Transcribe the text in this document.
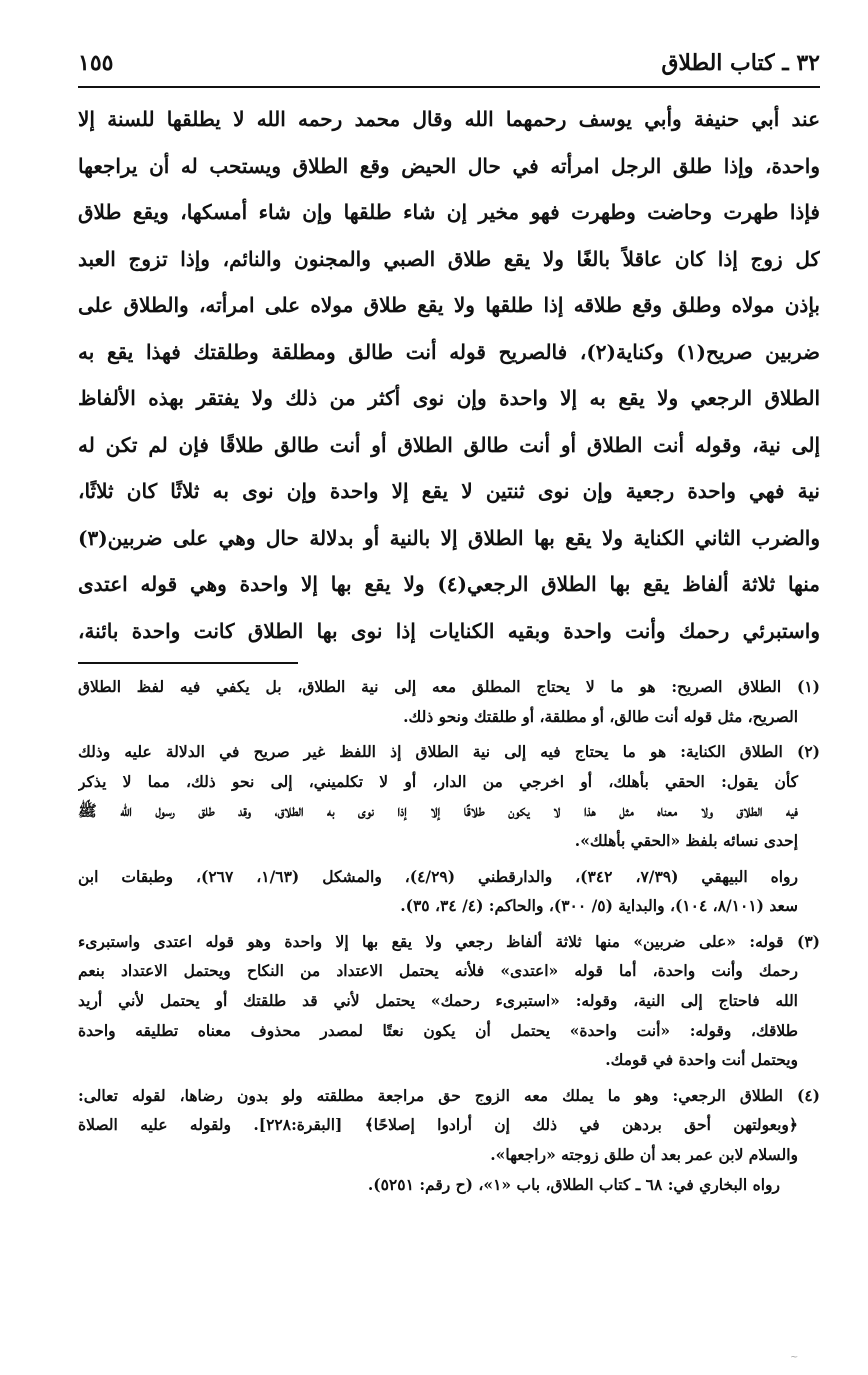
٣٢ ـ كتاب الطلاق
١٥٥
عند أبي حنيفة وأبي يوسف رحمهما الله وقال محمد رحمه الله لا يطلقها للسنة إلا
واحدة، وإذا طلق الرجل امرأته في حال الحيض وقع الطلاق ويستحب له أن يراجعها
فإذا طهرت وحاضت وطهرت فهو مخير إن شاء طلقها وإن شاء أمسكها، ويقع طلاق
كل زوج إذا كان عاقلاً بالغًا ولا يقع طلاق الصبي والمجنون والنائم، وإذا تزوج العبد
بإذن مولاه وطلق وقع طلاقه إذا طلقها ولا يقع طلاق مولاه على امرأته، والطلاق على
ضربين صريح(١) وكناية(٢)، فالصريح قوله أنت طالق ومطلقة وطلقتك فهذا يقع به
الطلاق الرجعي ولا يقع به إلا واحدة وإن نوى أكثر من ذلك ولا يفتقر بهذه الألفاظ
إلى نية، وقوله أنت الطلاق أو أنت طالق الطلاق أو أنت طالق طلاقًا فإن لم تكن له
نية فهي واحدة رجعية وإن نوى ثنتين لا يقع إلا واحدة وإن نوى به ثلاثًا كان ثلاثًا،
والضرب الثاني الكناية ولا يقع بها الطلاق إلا بالنية أو بدلالة حال وهي على ضربين(٣)
منها ثلاثة ألفاظ يقع بها الطلاق الرجعي(٤) ولا يقع بها إلا واحدة وهي قوله اعتدى
واستبرئي رحمك وأنت واحدة وبقيه الكنايات إذا نوى بها الطلاق كانت واحدة بائنة،
(١) الطلاق الصريح: هو ما لا يحتاج المطلق معه إلى نية الطلاق، بل يكفي فيه لفظ الطلاق
الصريح، مثل قوله أنت طالق، أو مطلقة، أو طلقتك ونحو ذلك.
(٢) الطلاق الكناية: هو ما يحتاج فيه إلى نية الطلاق إذ اللفظ غير صريح في الدلالة عليه وذلك
كأن يقول: الحقي بأهلك، أو اخرجي من الدار، أو لا تكلميني، إلى نحو ذلك، مما لا يذكر
فيه الطلاق ولا معناه مثل هذا لا يكون طلاقًا إلا إذا نوى به الطلاق، وقد طلق رسول الله ﷺ
إحدى نسائه بلفظ «الحقي بأهلك».
رواه البيهقي (٧/٣٩، ٣٤٢)، والدارقطني (٤/٢٩)، والمشكل (١/٦٣، ٢٦٧)، وطبقات ابن
سعد (٨/١٠١، ١٠٤)، والبداية (٥/ ٣٠٠)، والحاكم: (٤/ ٣٤، ٣٥).
(٣) قوله: «على ضربين» منها ثلاثة ألفاظ رجعي ولا يقع بها إلا واحدة وهو قوله اعتدى واستبرىء
رحمك وأنت واحدة، أما قوله «اعتدى» فلأنه يحتمل الاعتداد من النكاح ويحتمل الاعتداد بنعم
الله فاحتاج إلى النية، وقوله: «استبرىء رحمك» يحتمل لأني قد طلقتك أو يحتمل لأني أريد
طلاقك، وقوله: «أنت واحدة» يحتمل أن يكون نعتًا لمصدر محذوف معناه تطليقه واحدة
ويحتمل أنت واحدة في قومك.
(٤) الطلاق الرجعي: وهو ما يملك معه الزوج حق مراجعة مطلقته ولو بدون رضاها، لقوله تعالى:
﴿وبعولتهن أحق بردهن في ذلك إن أرادوا إصلاحًا﴾ [البقرة:٢٢٨]. ولقوله عليه الصلاة
والسلام لابن عمر بعد أن طلق زوجته «راجعها».
رواه البخاري في: ٦٨ ـ كتاب الطلاق، باب «١»، (ح رقم: ٥٢٥١).
~
